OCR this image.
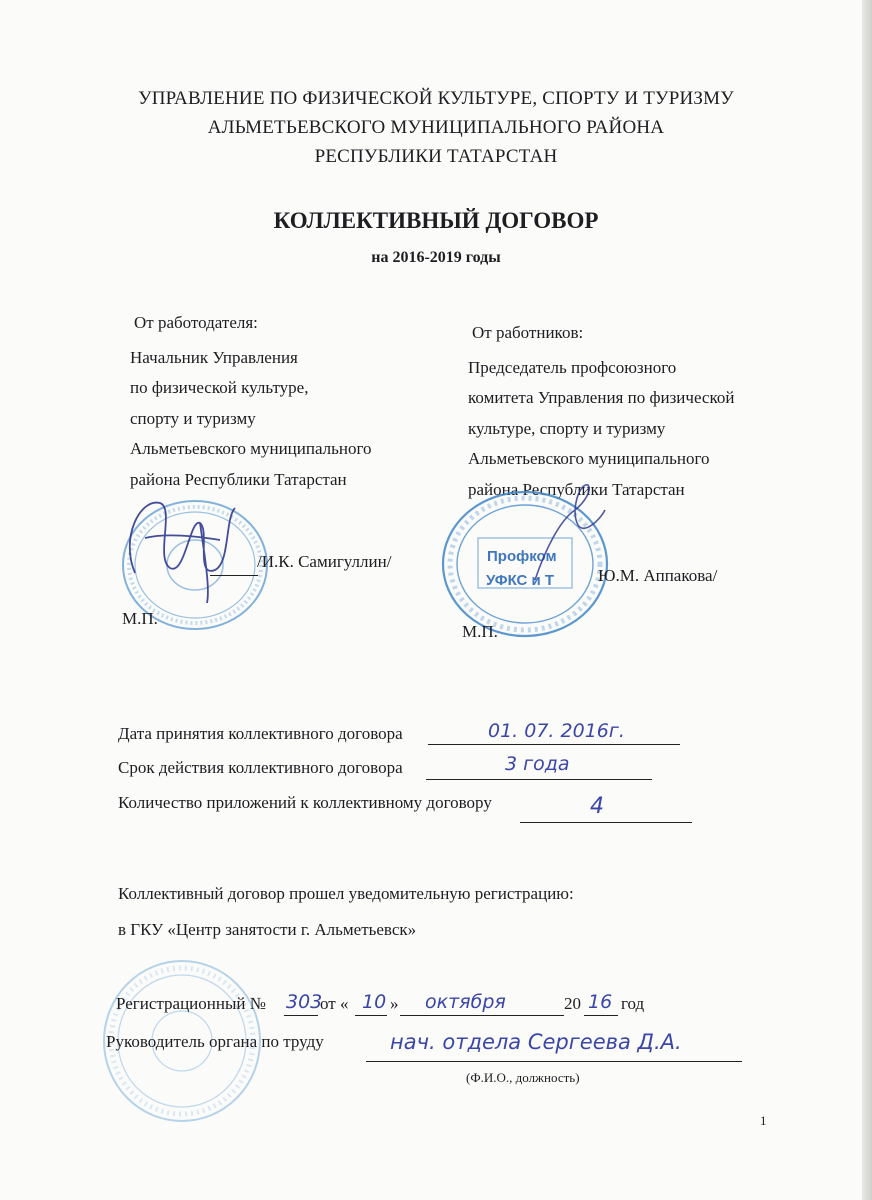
УПРАВЛЕНИЕ ПО ФИЗИЧЕСКОЙ КУЛЬТУРЕ, СПОРТУ И ТУРИЗМУ
АЛЬМЕТЬЕВСКОГО МУНИЦИПАЛЬНОГО РАЙОНА
РЕСПУБЛИКИ ТАТАРСТАН
КОЛЛЕКТИВНЫЙ ДОГОВОР
на 2016-2019 годы
От работодателя:
Начальник Управления
по физической культуре,
спорту и туризму
Альметьевского муниципального
района Республики Татарстан
От работников:
Председатель профсоюзного
комитета Управления по физической
культуре, спорту и туризму
Альметьевского муниципального
района Республики Татарстан
/И.К. Самигуллин/
М.П.
Профком
УФКС и Т	Ю.М. Аппакова/
М.П.
Дата принятия коллективного договора	01. 07. 2016г.
Срок действия коллективного договора	3 года
Количество приложений к коллективному договору	4
Коллективный договор прошел уведомительную регистрацию:
в ГКУ «Центр занятости г. Альметьевск»
Регистрационный № 303
от « 10 » октября	20 16 год
Руководитель органа по труду	нач. отдела Сергеева Д.А.
(Ф.И.О., должность)
1
